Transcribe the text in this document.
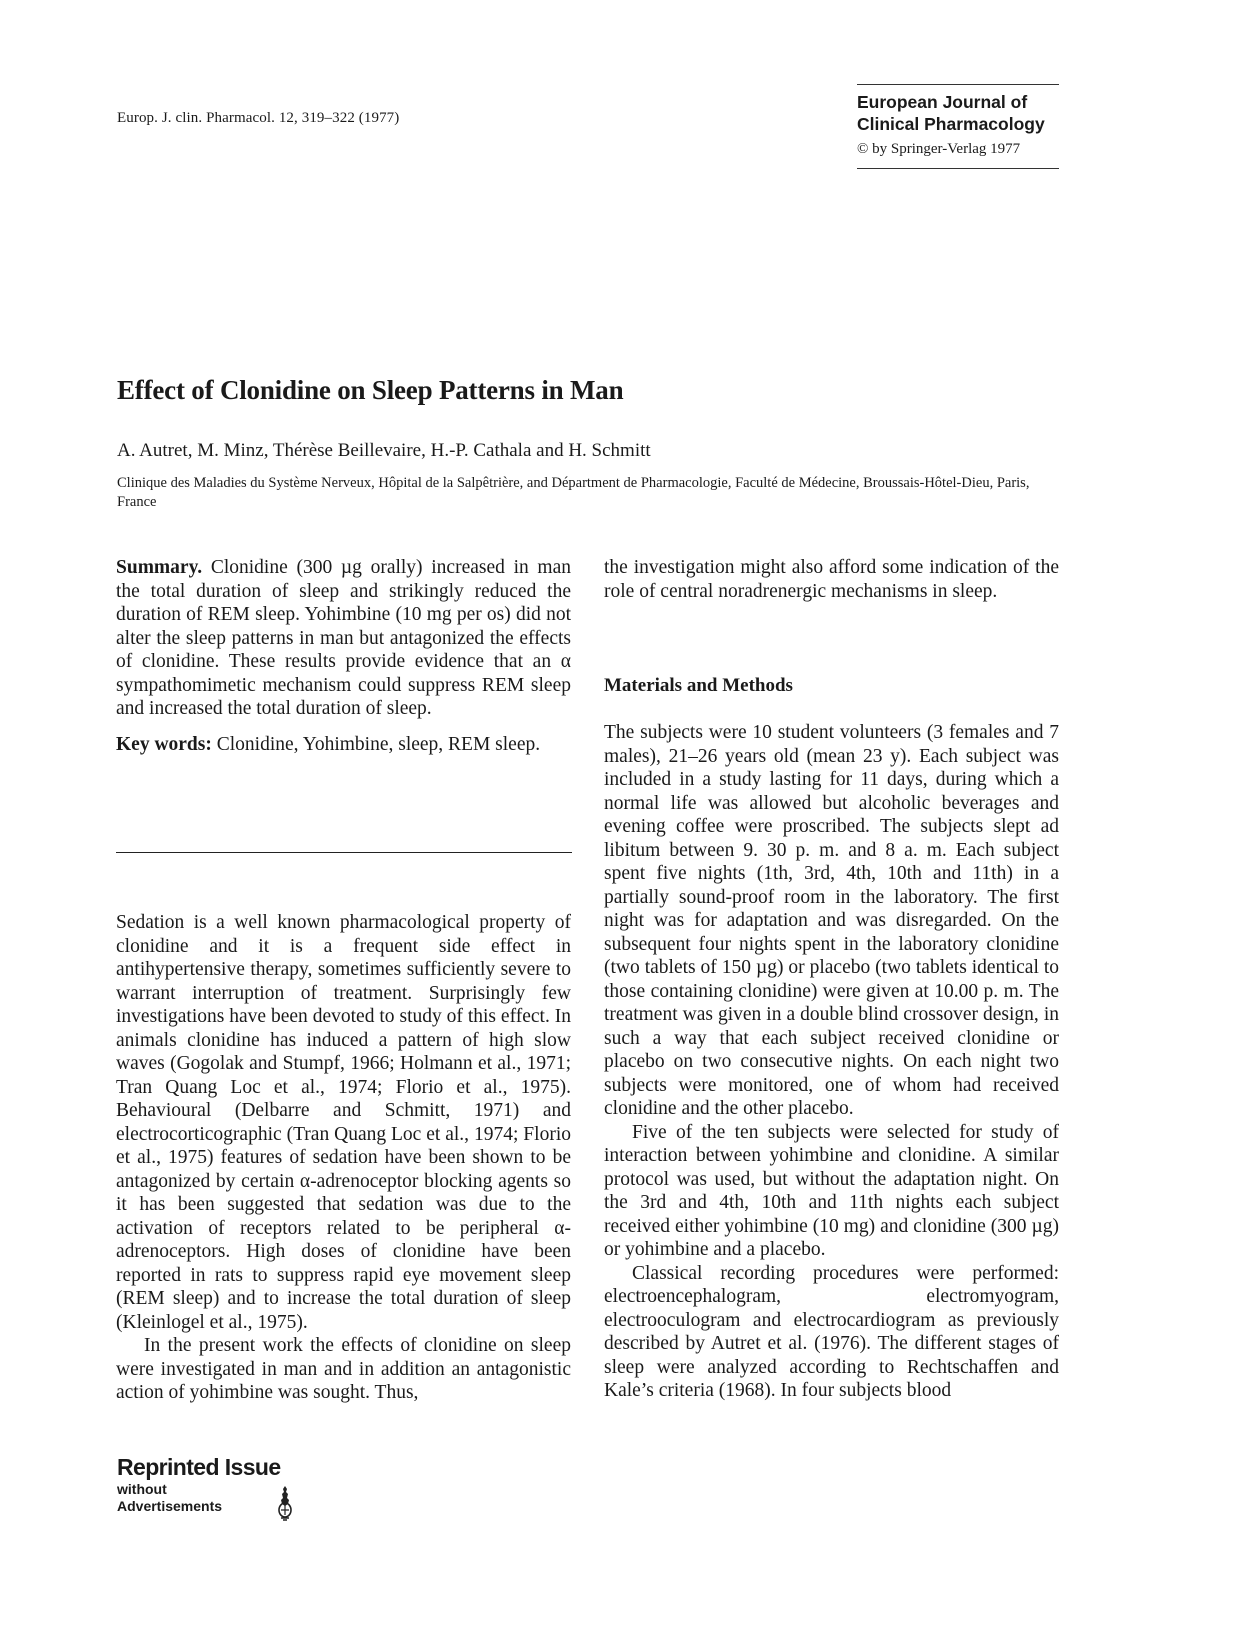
Europ. J. clin. Pharmacol. 12, 319–322 (1977)
European Journal of
Clinical Pharmacology
© by Springer-Verlag 1977
Effect of Clonidine on Sleep Patterns in Man
A. Autret, M. Minz, Thérèse Beillevaire, H.-P. Cathala and H. Schmitt
Clinique des Maladies du Système Nerveux, Hôpital de la Salpêtrière, and Départment de Pharmacologie, Faculté de Médecine, Broussais-Hôtel-Dieu, Paris, France

Summary. Clonidine (300 µg orally) increased in man the total duration of sleep and strikingly reduced the duration of REM sleep. Yohimbine (10 mg per os) did not alter the sleep patterns in man but antagonized the effects of clonidine. These results provide evidence that an α sympathomimetic mechanism could suppress REM sleep and increased the total duration of sleep.

Key words: Clonidine, Yohimbine, sleep, REM sleep.

Sedation is a well known pharmacological property of clonidine and it is a frequent side effect in antihypertensive therapy, sometimes sufficiently severe to warrant interruption of treatment. Surprisingly few investigations have been devoted to study of this effect. In animals clonidine has induced a pattern of high slow waves (Gogolak and Stumpf, 1966; Holmann et al., 1971; Tran Quang Loc et al., 1974; Florio et al., 1975). Behavioural (Delbarre and Schmitt, 1971) and electrocorticographic (Tran Quang Loc et al., 1974; Florio et al., 1975) features of sedation have been shown to be antagonized by certain α-adrenoceptor blocking agents so it has been suggested that sedation was due to the activation of receptors related to be peripheral α-adrenoceptors. High doses of clonidine have been reported in rats to suppress rapid eye movement sleep (REM sleep) and to increase the total duration of sleep (Kleinlogel et al., 1975).

In the present work the effects of clonidine on sleep were investigated in man and in addition an antagonistic action of yohimbine was sought. Thus,

the investigation might also afford some indication of the role of central noradrenergic mechanisms in sleep.

Materials and Methods

The subjects were 10 student volunteers (3 females and 7 males), 21–26 years old (mean 23 y). Each subject was included in a study lasting for 11 days, during which a normal life was allowed but alcoholic beverages and evening coffee were proscribed. The subjects slept ad libitum between 9. 30 p. m. and 8 a. m. Each subject spent five nights (1th, 3rd, 4th, 10th and 11th) in a partially sound-proof room in the laboratory. The first night was for adaptation and was disregarded. On the subsequent four nights spent in the laboratory clonidine (two tablets of 150 µg) or placebo (two tablets identical to those containing clonidine) were given at 10.00 p. m. The treatment was given in a double blind crossover design, in such a way that each subject received clonidine or placebo on two consecutive nights. On each night two subjects were monitored, one of whom had received clonidine and the other placebo.

Five of the ten subjects were selected for study of interaction between yohimbine and clonidine. A similar protocol was used, but without the adaptation night. On the 3rd and 4th, 10th and 11th nights each subject received either yohimbine (10 mg) and clonidine (300 µg) or yohimbine and a placebo.

Classical recording procedures were performed: electroencephalogram, electromyogram, electrooculogram and electrocardiogram as previously described by Autret et al. (1976). The different stages of sleep were analyzed according to Rechtschaffen and Kale’s criteria (1968). In four subjects blood

Reprinted Issue
without
Advertisements
